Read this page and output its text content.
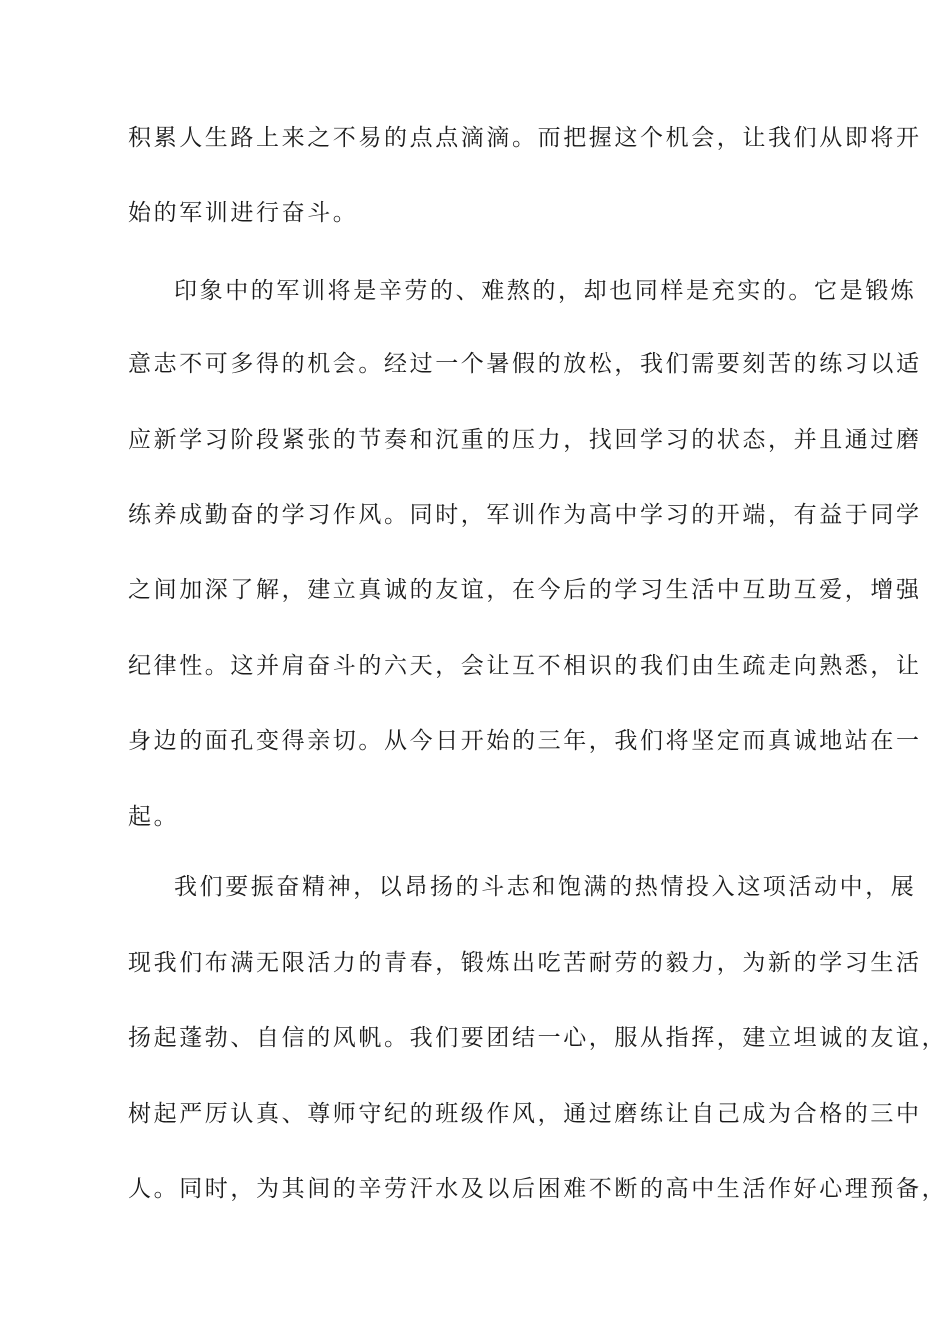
积累人生路上来之不易的点点滴滴。而把握这个机会，让我们从即将开
始的军训进行奋斗。
印象中的军训将是辛劳的、难熬的，却也同样是充实的。它是锻炼
意志不可多得的机会。经过一个暑假的放松，我们需要刻苦的练习以适
应新学习阶段紧张的节奏和沉重的压力，找回学习的状态，并且通过磨
练养成勤奋的学习作风。同时，军训作为高中学习的开端，有益于同学
之间加深了解，建立真诚的友谊，在今后的学习生活中互助互爱，增强
纪律性。这并肩奋斗的六天，会让互不相识的我们由生疏走向熟悉，让
身边的面孔变得亲切。从今日开始的三年，我们将坚定而真诚地站在一
起。
我们要振奋精神，以昂扬的斗志和饱满的热情投入这项活动中，展
现我们布满无限活力的青春，锻炼出吃苦耐劳的毅力，为新的学习生活
扬起蓬勃、自信的风帆。我们要团结一心，服从指挥，建立坦诚的友谊，
树起严厉认真、尊师守纪的班级作风，通过磨练让自己成为合格的三中
人。同时，为其间的辛劳汗水及以后困难不断的高中生活作好心理预备，
